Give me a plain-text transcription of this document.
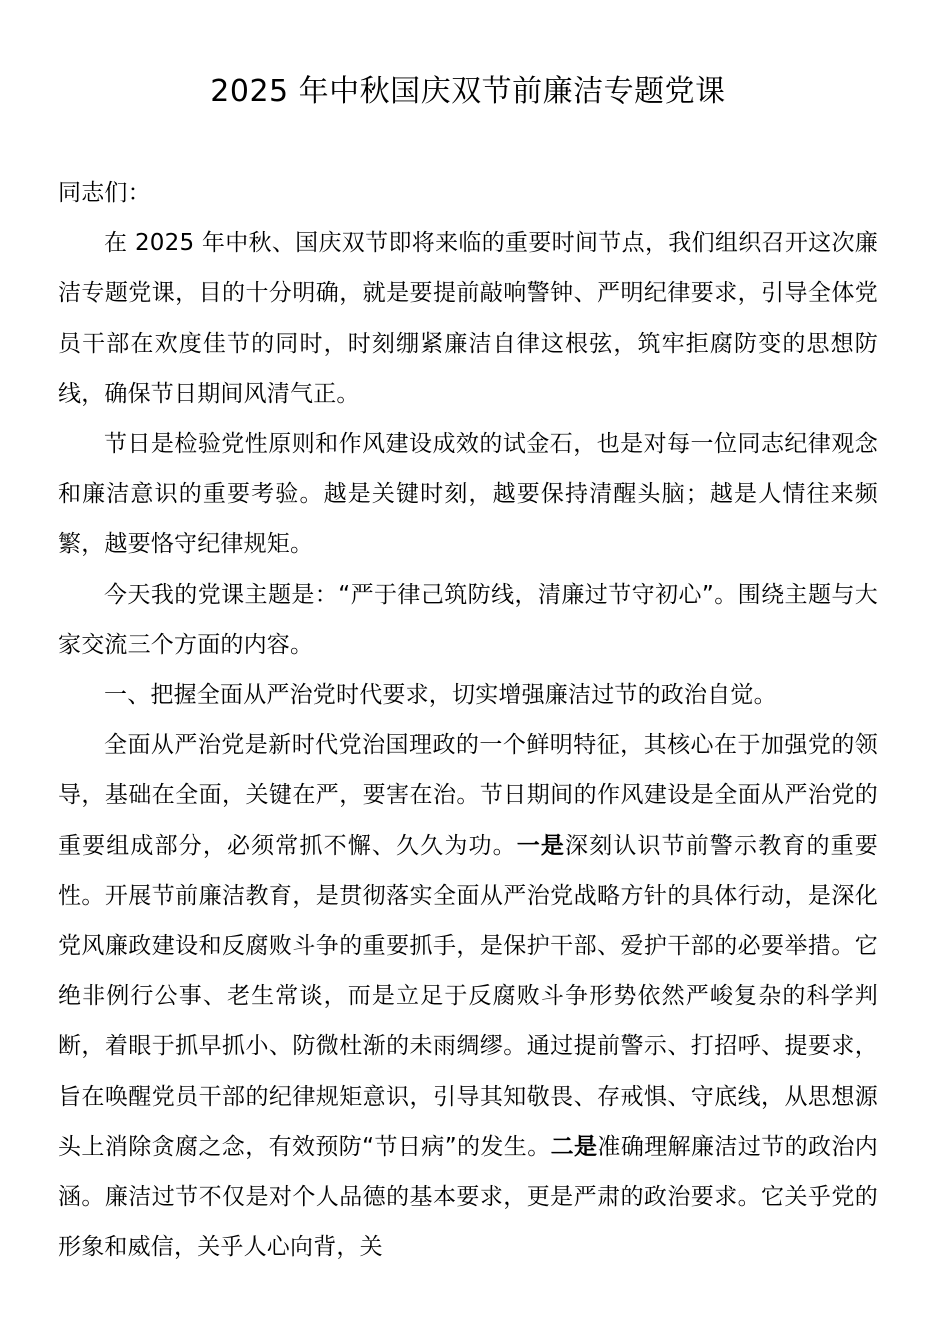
2025 年中秋国庆双节前廉洁专题党课

同志们：

在 2025 年中秋、国庆双节即将来临的重要时间节点，我们组织召开这次廉洁专题党课，目的十分明确，就是要提前敲响警钟、严明纪律要求，引导全体党员干部在欢度佳节的同时，时刻绷紧廉洁自律这根弦，筑牢拒腐防变的思想防线，确保节日期间风清气正。

节日是检验党性原则和作风建设成效的试金石，也是对每一位同志纪律观念和廉洁意识的重要考验。越是关键时刻，越要保持清醒头脑；越是人情往来频繁，越要恪守纪律规矩。

今天我的党课主题是：“严于律己筑防线，清廉过节守初心”。围绕主题与大家交流三个方面的内容。

一、把握全面从严治党时代要求，切实增强廉洁过节的政治自觉。

全面从严治党是新时代党治国理政的一个鲜明特征，其核心在于加强党的领导，基础在全面，关键在严，要害在治。节日期间的作风建设是全面从严治党的重要组成部分，必须常抓不懈、久久为功。一是深刻认识节前警示教育的重要性。开展节前廉洁教育，是贯彻落实全面从严治党战略方针的具体行动，是深化党风廉政建设和反腐败斗争的重要抓手，是保护干部、爱护干部的必要举措。它绝非例行公事、老生常谈，而是立足于反腐败斗争形势依然严峻复杂的科学判断，着眼于抓早抓小、防微杜渐的未雨绸缪。通过提前警示、打招呼、提要求，旨在唤醒党员干部的纪律规矩意识，引导其知敬畏、存戒惧、守底线，从思想源头上消除贪腐之念，有效预防“节日病”的发生。二是准确理解廉洁过节的政治内涵。廉洁过节不仅是对个人品德的基本要求，更是严肃的政治要求。它关乎党的形象和威信，关乎人心向背，关
